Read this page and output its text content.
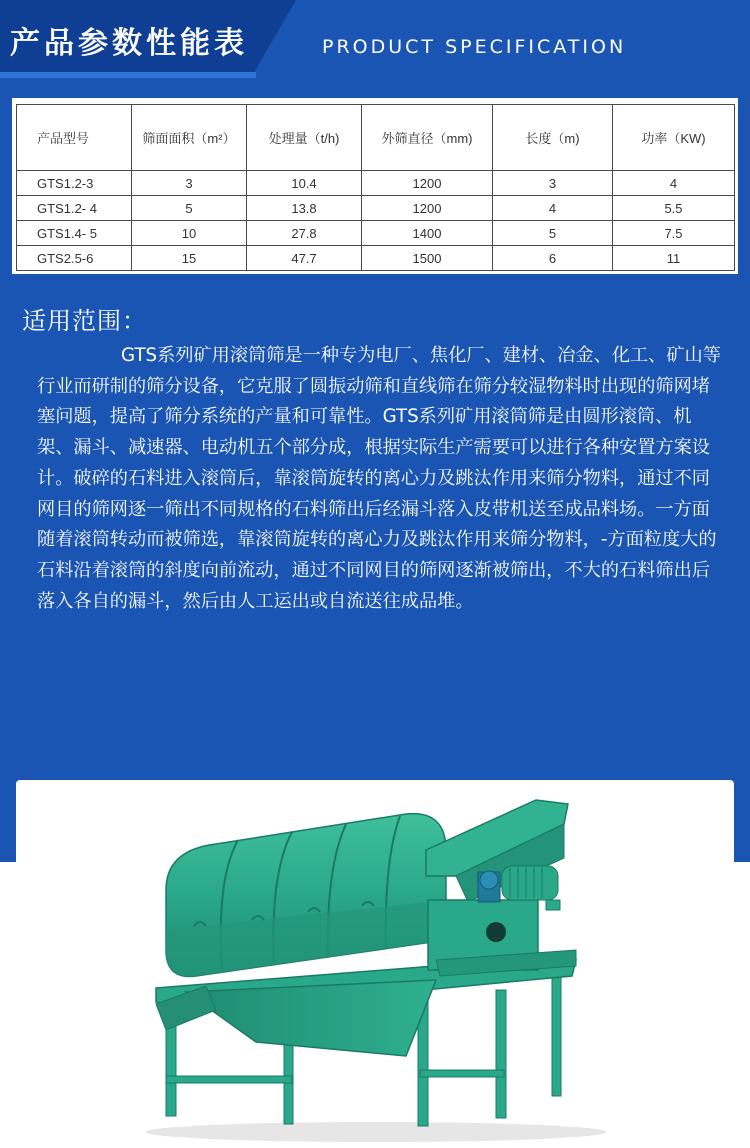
产品参数性能表	PRODUCT SPECIFICATION
产品型号	筛面面积（m²）	处理量（t/h)	外筛直径（mm)	长度（m)	功率（KW)
GTS1.2-3	3	10.4	1200	3	4
GTS1.2- 4	5	13.8	1200	4	5.5
GTS1.4- 5	10	27.8	1400	5	7.5
GTS2.5-6	15	47.7	1500	6	11
适用范围：

GTS系列矿用滚筒筛是一种专为电厂、焦化厂、建材、冶金、化工、矿山等行业而研制的筛分设备，它克服了圆振动筛和直线筛在筛分较湿物料时出现的筛网堵塞问题，提高了筛分系统的产量和可靠性。GTS系列矿用滚筒筛是由圆形滚筒、机架、漏斗、减速器、电动机五个部分成，根据实际生产需要可以进行各种安置方案设计。破碎的石料进入滚筒后，靠滚筒旋转的离心力及跳汰作用来筛分物料，通过不同网目的筛网逐一筛出不同规格的石料筛出后经漏斗落入皮带机送至成品料场。一方面随着滚筒转动而被筛选，靠滚筒旋转的离心力及跳汰作用来筛分物料，-方面粒度大的石料沿着滚筒的斜度向前流动，通过不同网目的筛网逐渐被筛出，不大的石料筛出后落入各自的漏斗，然后由人工运出或自流送往成品堆。
